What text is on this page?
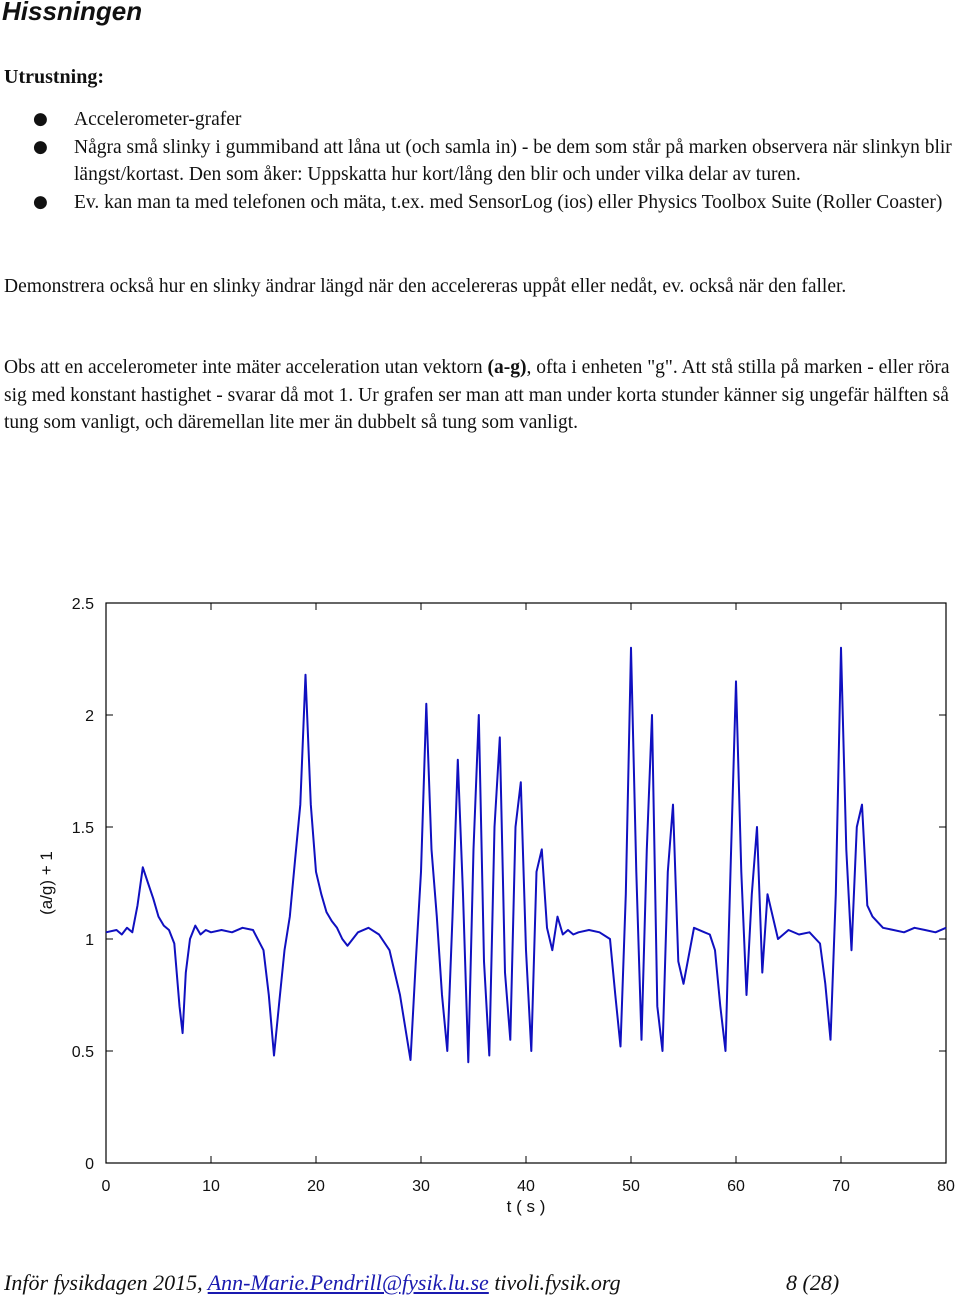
Hissningen
Utrustning:
● Accelerometer-grafer
● Några små slinky i gummiband att låna ut (och samla in) - be dem som står på marken observera när slinkyn blir längst/kortast. Den som åker: Uppskatta hur kort/lång den blir och under vilka delar av turen.
● Ev. kan man ta med telefonen och mäta, t.ex. med SensorLog (ios) eller Physics Toolbox Suite (Roller Coaster)

Demonstrera också hur en slinky ändrar längd när den accelereras uppåt eller nedåt, ev. också när den faller.

Obs att en accelerometer inte mäter acceleration utan vektorn (a-g), ofta i enheten "g". Att stå stilla på marken - eller röra sig med konstant hastighet - svarar då mot 1. Ur grafen ser man att man under korta stunder känner sig ungefär hälften så tung som vanligt, och däremellan lite mer än dubbelt så tung som vanligt.

0
0.5
1
1.5
2
2.5
0	10	20	30	40	50	60	70	80
(a/g) + 1
t ( s )
Inför fysikdagen 2015, Ann-Marie.Pendrill@fysik.lu.se tivoli.fysik.org	8 (28)
